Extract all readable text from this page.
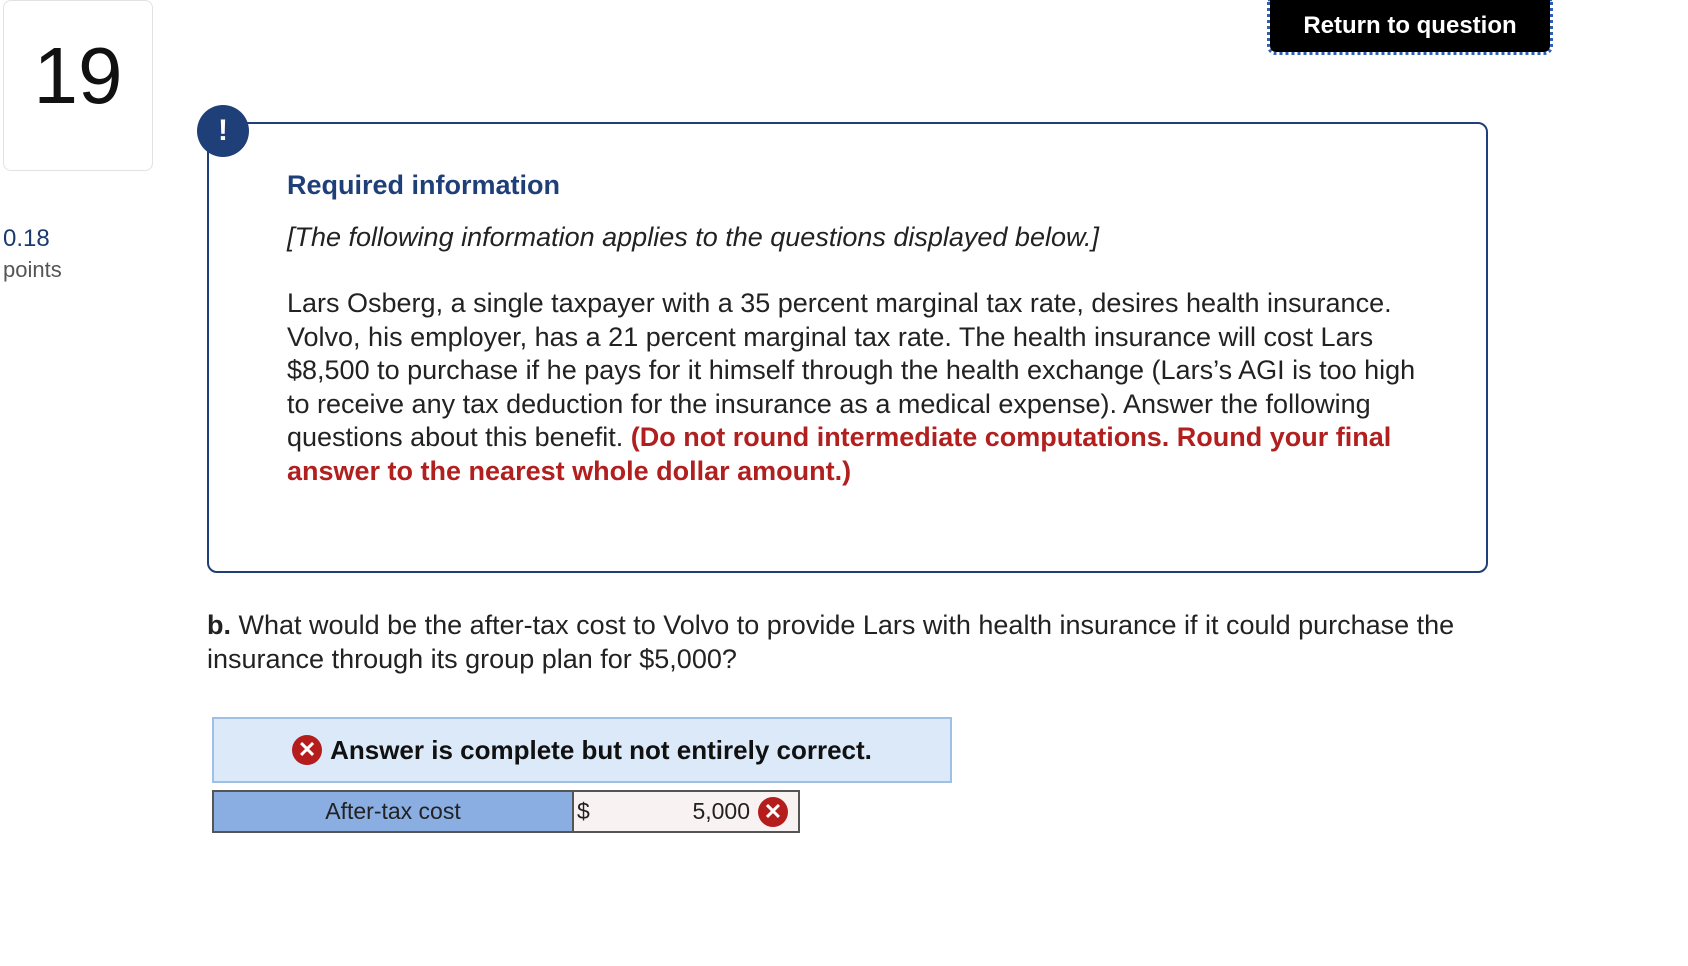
19
0.18
points
Return to question
!
Required information
[The following information applies to the questions displayed below.]
Lars Osberg, a single taxpayer with a 35 percent marginal tax rate, desires health insurance. Volvo, his employer, has a 21 percent marginal tax rate. The health insurance will cost Lars $8,500 to purchase if he pays for it himself through the health exchange (Lars’s AGI is too high to receive any tax deduction for the insurance as a medical expense). Answer the following questions about this benefit. (Do not round intermediate computations. Round your final answer to the nearest whole dollar amount.)
b. What would be the after-tax cost to Volvo to provide Lars with health insurance if it could purchase the insurance through its group plan for $5,000?
✕ Answer is complete but not entirely correct.
After-tax cost	$	5,000 ✕
